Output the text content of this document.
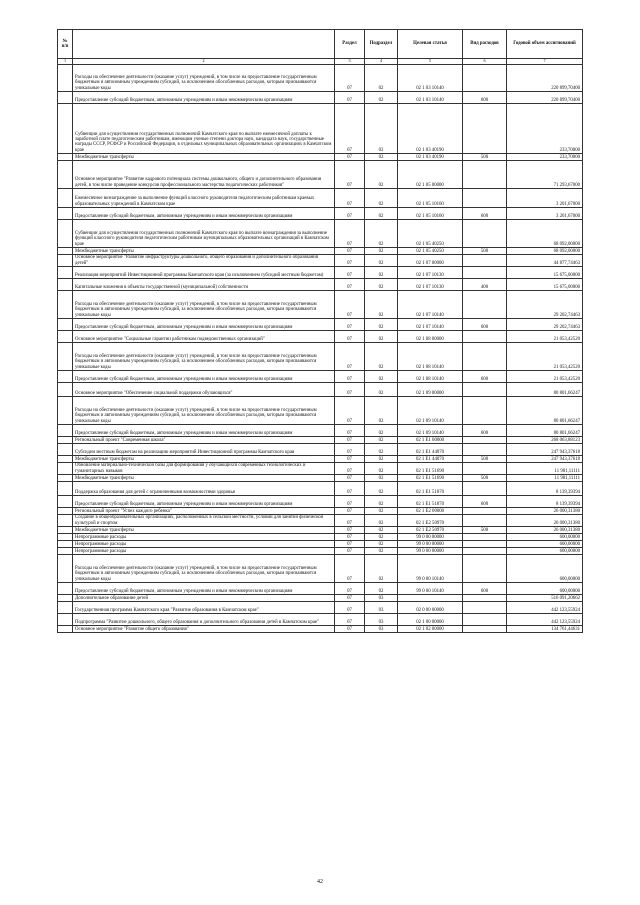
№ п/п		Раздел	Подраздел	Целевая статья	Вид расходов	Годовой объем ассигнований
1	2	3	4	5	6	7
	Расходы на обеспечение деятельности (оказание услуг) учреждений, в том числе на предоставление государственным бюджетным и автономным учреждениям субсидий, за исключением обособленных расходов, которым присваиваются уникальные коды	07	02	02 1 03 10140		220 899,70400
	Предоставление субсидий бюджетным, автономным учреждениям и иным некоммерческим организациям	07	02	02 1 03 10140	600	220 899,70400
	Субвенции для осуществления государственных полномочий Камчатского края по выплате ежемесячной доплаты к заработной плате педагогическим работникам, имеющим ученые степени доктора наук, кандидата наук, государственные награды СССР, РСФСР и Российской Федерации, в отдельных муниципальных образовательных организациях в Камчатском крае	07	02	02 1 03 40190		233,70000
	Межбюджетные трансферты	07	02	02 1 03 40190	500	233,70000
	Основное мероприятие "Развитие кадрового потенциала системы дошкольного, общего и дополнительного образования детей, в том числе проведение конкурсов профессионального мастерства педагогических работников"	07	02	02 1 05 00000		71 293,67000
	Ежемесячное вознаграждение за выполнение функций классного руководителя педагогическим работникам краевых образовательных учреждений в Камчатском крае	07	02	02 1 05 10160		3 201,67000
	Предоставление субсидий бюджетным, автономным учреждениям и иным некоммерческим организациям	07	02	02 1 05 10160	600	3 201,67000
	Субвенции для осуществления государственных полномочий Камчатского края по выплате вознаграждения за выполнение функций классного руководителя педагогическим работникам муниципальных образовательных организаций в Камчатском крае	07	02	02 1 05 40250		68 092,00000
	Межбюджетные трансферты	07	02	02 1 05 40250	500	68 092,00000
	Основное мероприятие "Развитие инфраструктуры дошкольного, общего образования и дополнительного образования детей"	07	02	02 1 07 00000		44 877,74463
	Реализация мероприятий Инвестиционной программы Камчатского края (за исключением субсидий местным бюджетам)	07	02	02 1 07 10130		15 675,00000
	Капитальные вложения в объекты государственной (муниципальной) собственности	07	02	02 1 07 10130	400	15 675,00000
	Расходы на обеспечение деятельности (оказание услуг) учреждений, в том числе на предоставление государственным бюджетным и автономным учреждениям субсидий, за исключением обособленных расходов, которым присваиваются уникальные коды	07	02	02 1 07 10140		29 202,74463
	Предоставление субсидий бюджетным, автономным учреждениям и иным некоммерческим организациям	07	02	02 1 07 10140	600	29 202,74463
	Основное мероприятие "Социальные гарантии работникам подведомственных организаций"	07	02	02 1 08 00000		21 053,42520
	Расходы на обеспечение деятельности (оказание услуг) учреждений, в том числе на предоставление государственным бюджетным и автономным учреждениям субсидий, за исключением обособленных расходов, которым присваиваются уникальные коды	07	02	02 1 08 10140		21 053,42520
	Предоставление субсидий бюджетным, автономным учреждениям и иным некоммерческим организациям	07	02	02 1 08 10140	600	21 053,42520
	Основное мероприятие "Обеспечение социальной поддержки обучающихся"	07	02	02 1 09 00000		80 801,66247
	Расходы на обеспечение деятельности (оказание услуг) учреждений, в том числе на предоставление государственным бюджетным и автономным учреждениям субсидий, за исключением обособленных расходов, которым присваиваются уникальные коды	07	02	02 1 09 10140		80 801,66247
	Предоставление субсидий бюджетным, автономным учреждениям и иным некоммерческим организациям	07	02	02 1 09 10140	600	80 801,66247
	Региональный проект "Современная школа"	07	02	02 1 E1 00000		268 063,88123
	Субсидии местным бюджетам на реализацию мероприятий Инвестиционной программы Камчатского края	07	02	02 1 E1 44070		247 943,37618
	Межбюджетные трансферты	07	02	02 1 E1 44070	500	247 943,37618
	Обновление материально-технической базы для формирования у обучающихся современных технологических и гуманитарных навыков	07	02	02 1 E1 51690		11 981,11111
	Межбюджетные трансферты	07	02	02 1 E1 51690	500	11 981,11111
	Поддержка образования для детей с ограниченными возможностями здоровья	07	02	02 1 E1 51870		8 139,39394
	Предоставление субсидий бюджетным, автономным учреждениям и иным некоммерческим организациям	07	02	02 1 E1 51870	600	8 139,39394
	Региональный проект "Успех каждого ребенка"	07	02	02 1 E2 00000		26 000,31380
	Создание в общеобразовательных организациях, расположенных в сельской местности, условий для занятий физической культурой и спортом	07	02	02 1 E2 50970		26 000,31380
	Межбюджетные трансферты	07	02	02 1 E2 50970	500	26 000,31380
	Непрограммные расходы	07	02	99 0 00 00000		600,00000
	Непрограммные расходы	07	02	99 0 00 00000		600,00000
	Непрограммные расходы	07	02	99 0 00 00000		600,00000
	Расходы на обеспечение деятельности (оказание услуг) учреждений, в том числе на предоставление государственным бюджетным и автономным учреждениям субсидий, за исключением обособленных расходов, которым присваиваются уникальные коды	07	02	99 0 00 10140		600,00000
	Предоставление субсидий бюджетным, автономным учреждениям и иным некоммерческим организациям	07	02	99 0 00 10140	600	600,00000
	Дополнительное образование детей	07	03			516 091,20662
	Государственная программа Камчатского края "Развитие образования в Камчатском крае"	07	03	02 0 00 00000		442 123,55924
	Подпрограмма "Развитие дошкольного, общего образования и дополнительного образования детей в Камчатском крае"	07	03	02 1 00 00000		442 123,55924
	Основное мероприятие "Развитие общего образования"	07	03	02 1 02 00000		134 761,44631
42
